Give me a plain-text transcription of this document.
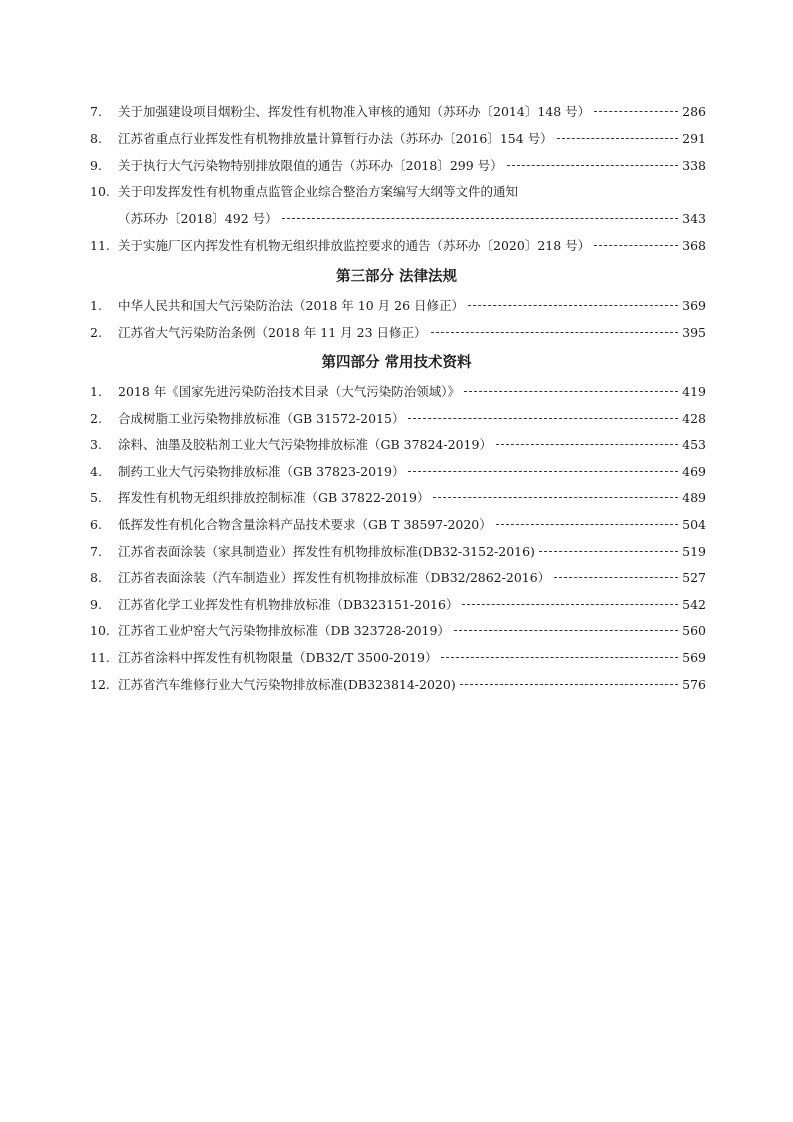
7. 关于加强建设项目烟粉尘、挥发性有机物准入审核的通知（苏环办〔2014〕148 号）	286
8. 江苏省重点行业挥发性有机物排放量计算暂行办法（苏环办〔2016〕154 号）	291
9. 关于执行大气污染物特别排放限值的通告（苏环办〔2018〕299 号）	338
10. 关于印发挥发性有机物重点监管企业综合整治方案编写大纲等文件的通知
（苏环办〔2018〕492 号）	343
11. 关于实施厂区内挥发性有机物无组织排放监控要求的通告（苏环办〔2020〕218 号）	368
第三部分 法律法规
1. 中华人民共和国大气污染防治法（2018 年 10 月 26 日修正）	369
2. 江苏省大气污染防治条例（2018 年 11 月 23 日修正）	395
第四部分 常用技术资料
1. 2018 年《国家先进污染防治技术目录（大气污染防治领域）》	419
2. 合成树脂工业污染物排放标准（GB 31572-2015）	428
3. 涂料、油墨及胶粘剂工业大气污染物排放标准（GB 37824-2019）	453
4. 制药工业大气污染物排放标准（GB 37823-2019）	469
5. 挥发性有机物无组织排放控制标准（GB 37822-2019）	489
6. 低挥发性有机化合物含量涂料产品技术要求（GB T 38597-2020）	504
7. 江苏省表面涂装（家具制造业）挥发性有机物排放标准(DB32-3152-2016)	519
8. 江苏省表面涂装（汽车制造业）挥发性有机物排放标准（DB32/2862-2016）	527
9. 江苏省化学工业挥发性有机物排放标准（DB323151-2016）	542
10. 江苏省工业炉窑大气污染物排放标准（DB 323728-2019）	560
11. 江苏省涂料中挥发性有机物限量（DB32/T 3500-2019）	569
12. 江苏省汽车维修行业大气污染物排放标准(DB323814-2020)	576
